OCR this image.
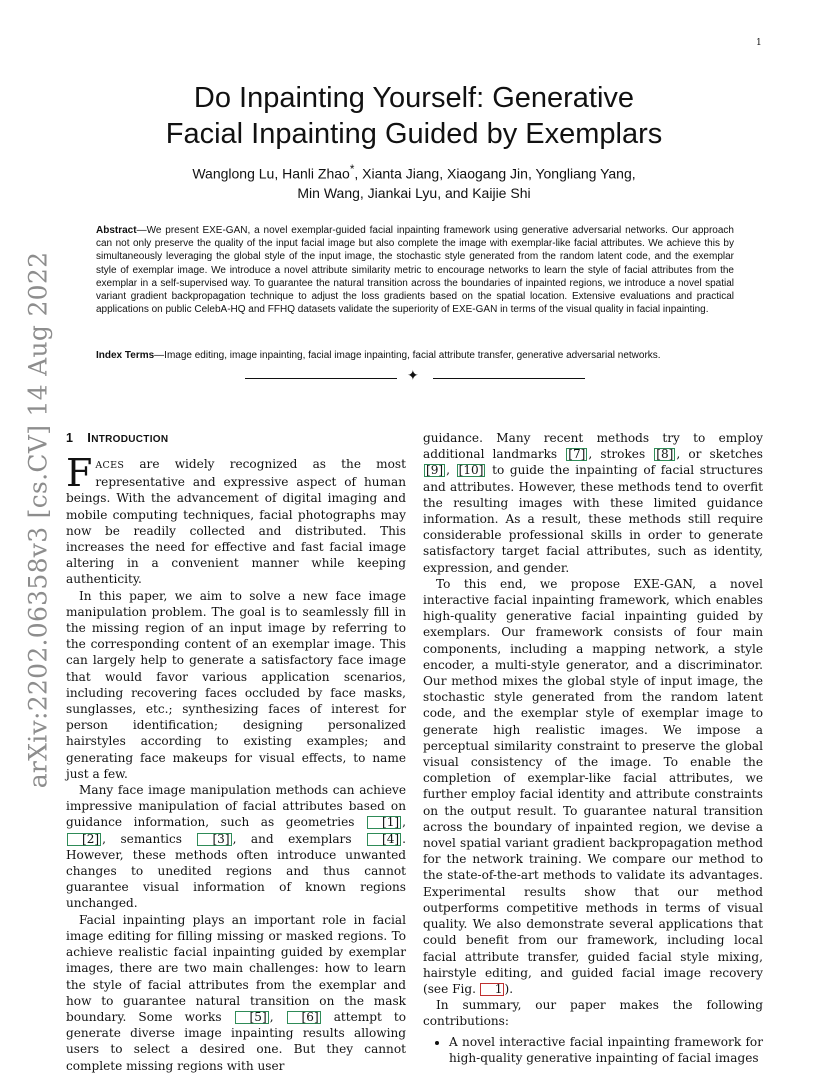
1
arXiv:2202.06358v3 [cs.CV] 14 Aug 2022
Do Inpainting Yourself: Generative
Facial Inpainting Guided by Exemplars
Wanglong Lu, Hanli Zhao*, Xianta Jiang, Xiaogang Jin, Yongliang Yang,
Min Wang, Jiankai Lyu, and Kaijie Shi
Abstract—We present EXE-GAN, a novel exemplar-guided facial inpainting framework using generative adversarial networks. Our approach can not only preserve the quality of the input facial image but also complete the image with exemplar-like facial attributes. We achieve this by simultaneously leveraging the global style of the input image, the stochastic style generated from the random latent code, and the exemplar style of exemplar image. We introduce a novel attribute similarity metric to encourage networks to learn the style of facial attributes from the exemplar in a self-supervised way. To guarantee the natural transition across the boundaries of inpainted regions, we introduce a novel spatial variant gradient backpropagation technique to adjust the loss gradients based on the spatial location. Extensive evaluations and practical applications on public CelebA-HQ and FFHQ datasets validate the superiority of EXE-GAN in terms of the visual quality in facial inpainting.
Index Terms—Image editing, image inpainting, facial image inpainting, facial attribute transfer, generative adversarial networks.
✦
1 INTRODUCTION

FACES are widely recognized as the most representative and expressive aspect of human beings. With the advancement of digital imaging and mobile computing techniques, facial photographs may now be readily collected and distributed. This increases the need for effective and fast facial image altering in a convenient manner while keeping authenticity.

In this paper, we aim to solve a new face image manipulation problem. The goal is to seamlessly fill in the missing region of an input image by referring to the corresponding content of an exemplar image. This can largely help to generate a satisfactory face image that would favor various application scenarios, including recovering faces occluded by face masks, sunglasses, etc.; synthesizing faces of interest for person identification; designing personalized hairstyles according to existing examples; and generating face makeups for visual effects, to name just a few.

Many face image manipulation methods can achieve impressive manipulation of facial attributes based on guidance information, such as geometries [1] , [2] , semantics [3] , and exemplars [4] . However, these methods often introduce unwanted changes to unedited regions and thus cannot guarantee visual information of known regions unchanged.

Facial inpainting plays an important role in facial image editing for filling missing or masked regions. To achieve realistic facial inpainting guided by exemplar images, there are two main challenges: how to learn the style of facial attributes from the exemplar and how to guarantee natural transition on the mask boundary. Some works [5] , [6] attempt to generate diverse image inpainting results allowing users to select a desired one. But they cannot complete missing regions with user

guidance. Many recent methods try to employ additional landmarks [7] , strokes [8] , or sketches [9] , [10] to guide the inpainting of facial structures and attributes. However, these methods tend to overfit the resulting images with these limited guidance information. As a result, these methods still require considerable professional skills in order to generate satisfactory target facial attributes, such as identity, expression, and gender.

To this end, we propose EXE-GAN, a novel interactive facial inpainting framework, which enables high-quality generative facial inpainting guided by exemplars. Our framework consists of four main components, including a mapping network, a style encoder, a multi-style generator, and a discriminator. Our method mixes the global style of input image, the stochastic style generated from the random latent code, and the exemplar style of exemplar image to generate high realistic images. We impose a perceptual similarity constraint to preserve the global visual consistency of the image. To enable the completion of exemplar-like facial attributes, we further employ facial identity and attribute constraints on the output result. To guarantee natural transition across the boundary of inpainted region, we devise a novel spatial variant gradient backpropagation method for the network training. We compare our method to the state-of-the-art methods to validate its advantages. Experimental results show that our method outperforms competitive methods in terms of visual quality. We also demonstrate several applications that could benefit from our framework, including local facial attribute transfer, guided facial style mixing, hairstyle editing, and guided facial image recovery (see Fig. 1 ).

In summary, our paper makes the following contributions:

• A novel interactive facial inpainting framework for high-quality generative inpainting of facial images
